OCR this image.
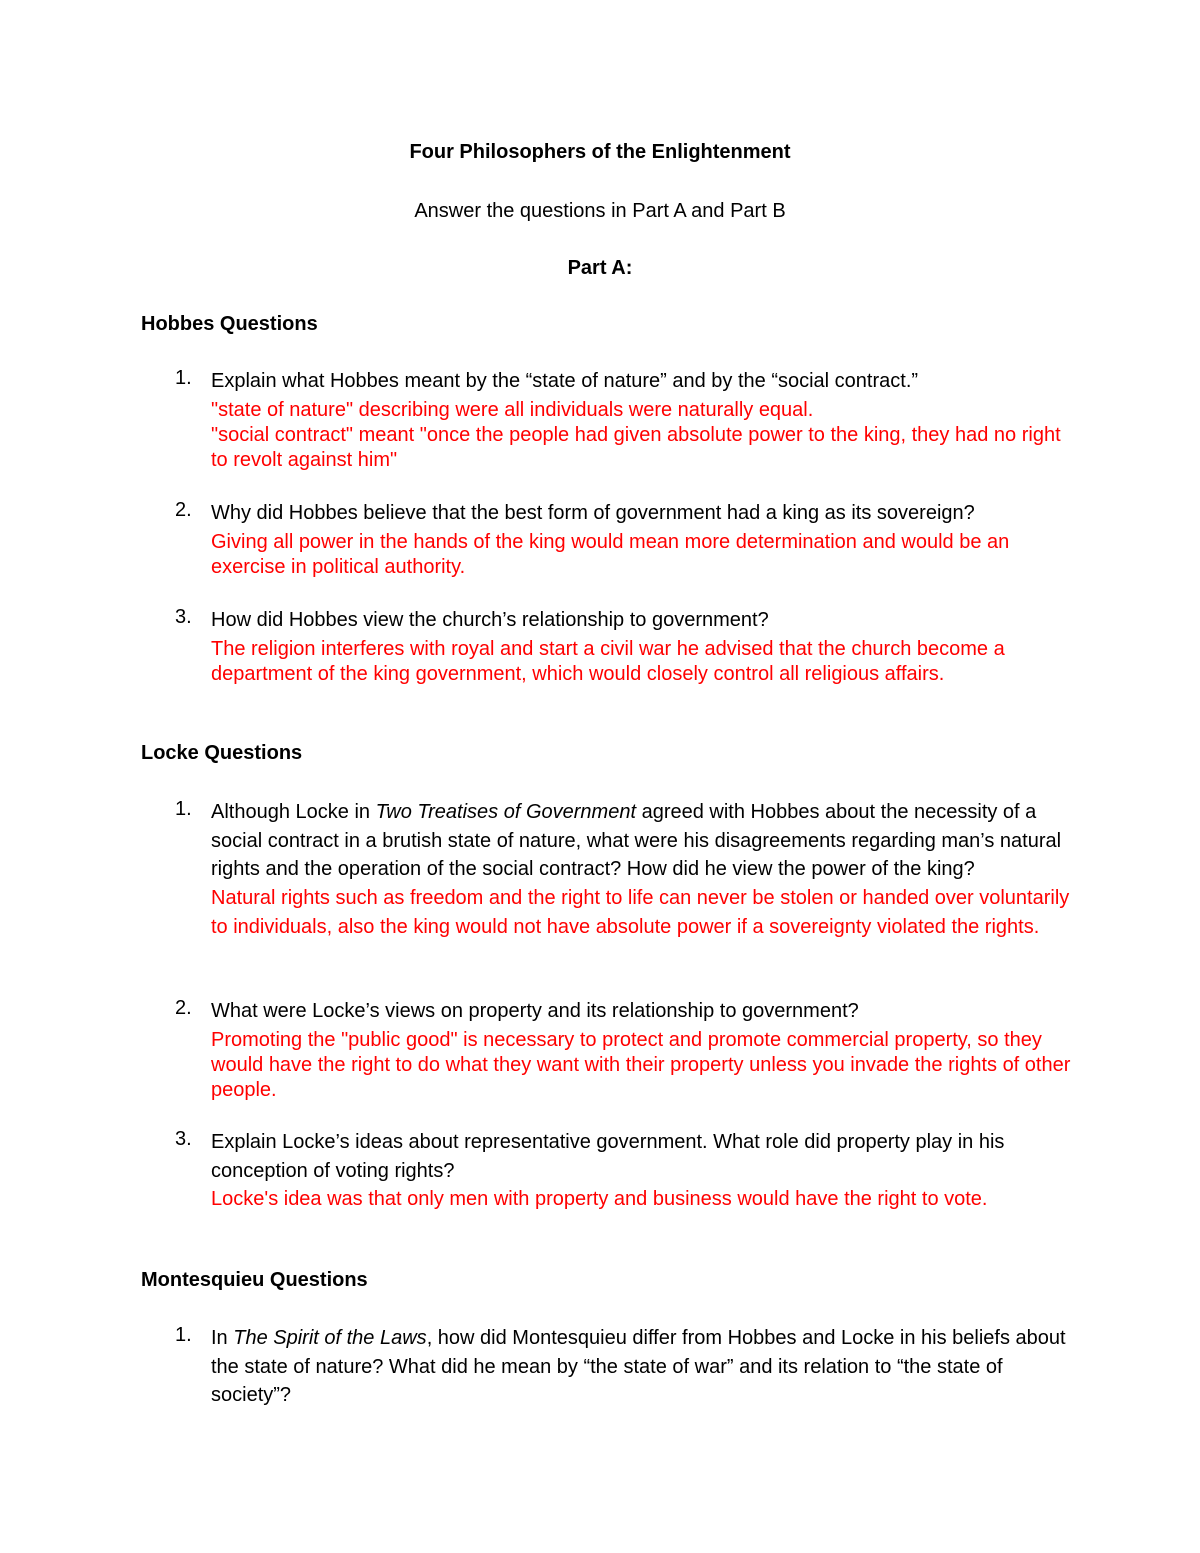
Four Philosophers of the Enlightenment
Answer the questions in Part A and Part B
Part A:
Hobbes Questions
1. Explain what Hobbes meant by the “state of nature” and by the “social contract.”
"state of nature" describing were all individuals were naturally equal.
"social contract" meant "once the people had given absolute power to the king, they had no right to revolt against him"
2. Why did Hobbes believe that the best form of government had a king as its sovereign?
Giving all power in the hands of the king would mean more determination and would be an exercise in political authority.
3. How did Hobbes view the church’s relationship to government?
The religion interferes with royal and start a civil war he advised that the church become a department of the king government, which would closely control all religious affairs.
Locke Questions
1. Although Locke in Two Treatises of Government agreed with Hobbes about the necessity of a social contract in a brutish state of nature, what were his disagreements regarding man’s natural rights and the operation of the social contract? How did he view the power of the king?
Natural rights such as freedom and the right to life can never be stolen or handed over voluntarily to individuals, also the king would not have absolute power if a sovereignty violated the rights.
2. What were Locke’s views on property and its relationship to government?
Promoting the "public good" is necessary to protect and promote commercial property, so they would have the right to do what they want with their property unless you invade the rights of other people.
3. Explain Locke’s ideas about representative government. What role did property play in his conception of voting rights?
Locke's idea was that only men with property and business would have the right to vote.
Montesquieu Questions
1. In The Spirit of the Laws, how did Montesquieu differ from Hobbes and Locke in his beliefs about the state of nature? What did he mean by “the state of war” and its relation to “the state of society”?
